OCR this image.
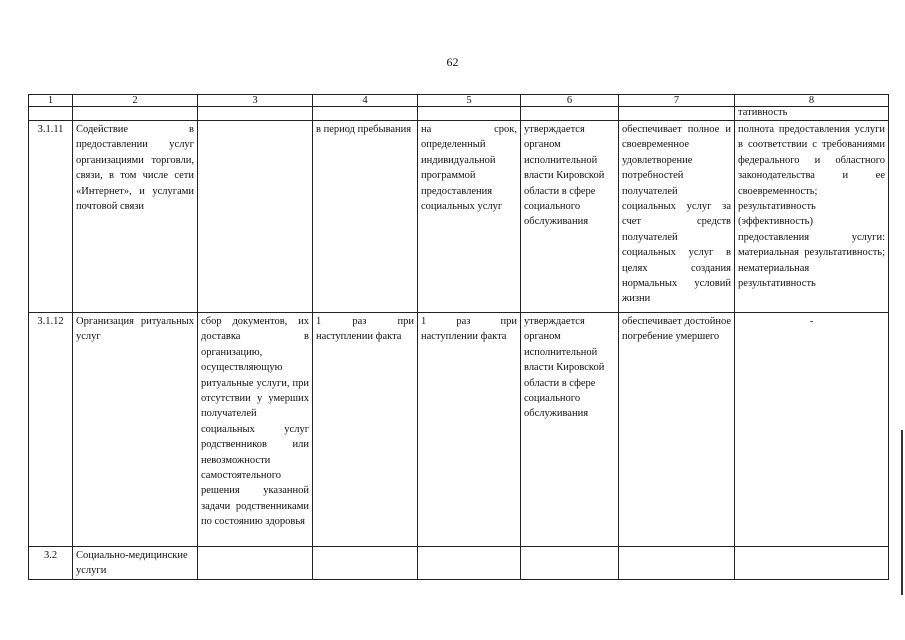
62
1	2	3	4	5	6	7	8
							тативность
3.1.11	Содействие в предоставлении услуг организациями торговли, связи, в том числе сети «Интернет», и услугами почтовой связи		в период пребывания	на срок, определенный индивидуальной программой предоставления социальных услуг	утверждается органом исполнительной власти Кировской области в сфере социального обслуживания	обеспечивает полное и своевременное удовлетворение потребностей получателей социальных услуг за счет средств получателей социальных услуг в целях создания нормальных условий жизни	полнота предоставления услуги в соответствии с требованиями федерального и областного законодательства и ее своевременность; результативность (эффективность) предоставления услуги: материальная результативность; нематериальная результативность
3.1.12	Организация ритуальных услуг	сбор документов, их доставка в организацию, осуществляющую ритуальные услуги, при отсутствии у умерших получателей социальных услуг родственников или невозможности самостоятельного решения указанной задачи родственниками по состоянию здоровья	1 раз при наступлении факта	1 раз при наступлении факта	утверждается органом исполнительной власти Кировской области в сфере социального обслуживания	обеспечивает достойное погребение умершего	-
3.2	Социально-медицинские услуги						
